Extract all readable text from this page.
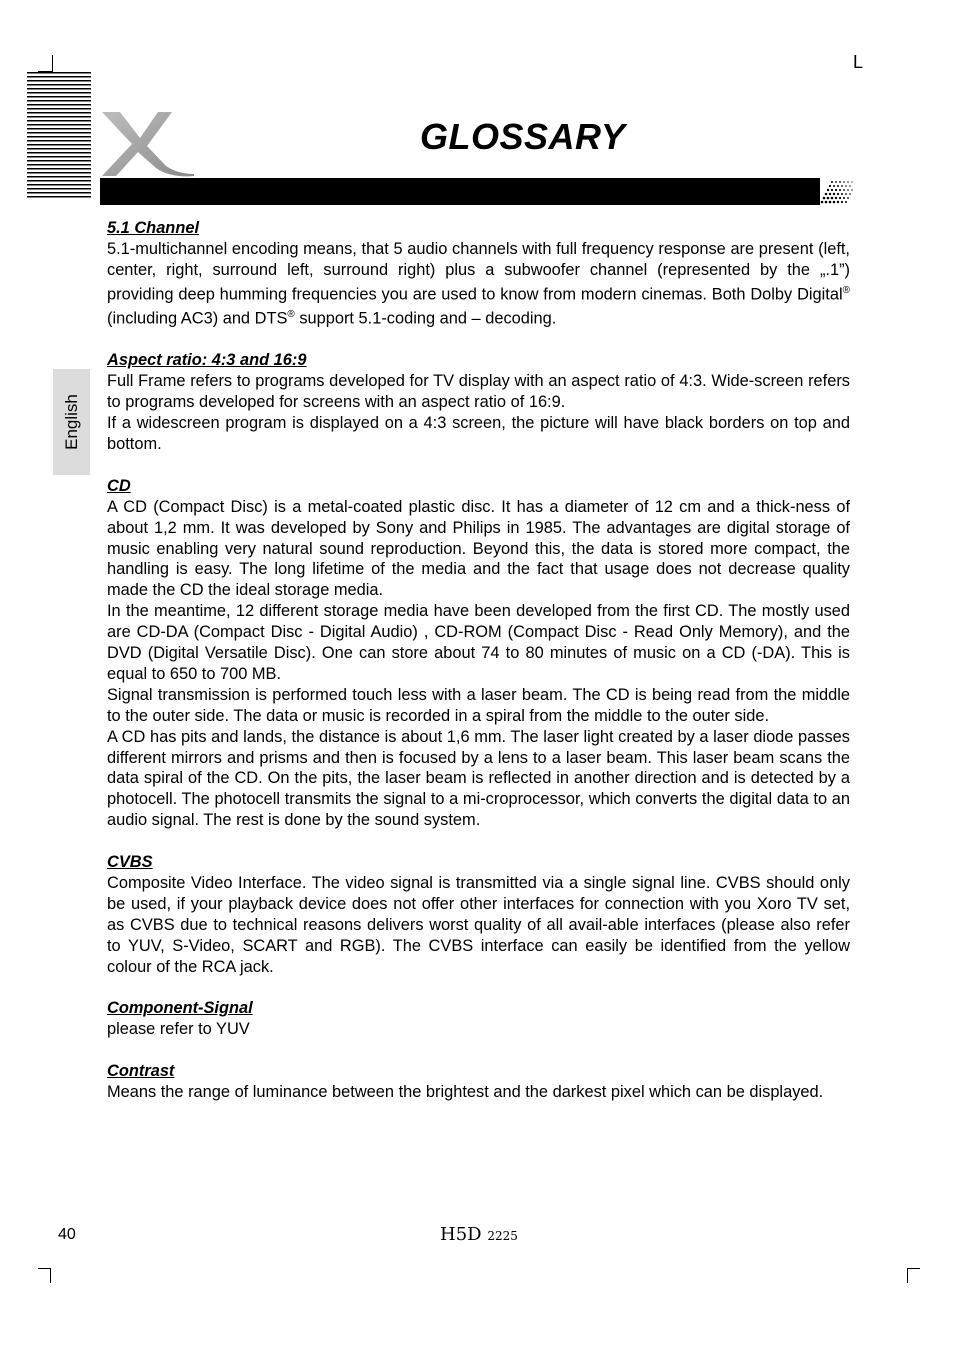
L
GLOSSARY
English
5.1 Channel

5.1-multichannel encoding means, that 5 audio channels with full frequency response are present (left, center, right, surround left, surround right) plus a subwoofer channel (represented by the „.1”) providing deep humming frequencies you are used to know from modern cinemas. Both Dolby Digital® (including AC3) and DTS® support 5.1-coding and – decoding.

Aspect ratio: 4:3 and 16:9

Full Frame refers to programs developed for TV display with an aspect ratio of 4:3. Wide-screen refers to programs developed for screens with an aspect ratio of 16:9.

If a widescreen program is displayed on a 4:3 screen, the picture will have black borders on top and bottom.

CD

A CD (Compact Disc) is a metal-coated plastic disc. It has a diameter of 12 cm and a thick-ness of about 1,2 mm. It was developed by Sony and Philips in 1985. The advantages are digital storage of music enabling very natural sound reproduction. Beyond this, the data is stored more compact, the handling is easy. The long lifetime of the media and the fact that usage does not decrease quality made the CD the ideal storage media.

In the meantime, 12 different storage media have been developed from the first CD. The mostly used are CD-DA (Compact Disc - Digital Audio) , CD-ROM (Compact Disc - Read Only Memory), and the DVD (Digital Versatile Disc). One can store about 74 to 80 minutes of music on a CD (-DA). This is equal to 650 to 700 MB.

Signal transmission is performed touch less with a laser beam. The CD is being read from the middle to the outer side. The data or music is recorded in a spiral from the middle to the outer side.

A CD has pits and lands, the distance is about 1,6 mm. The laser light created by a laser diode passes different mirrors and prisms and then is focused by a lens to a laser beam. This laser beam scans the data spiral of the CD. On the pits, the laser beam is reflected in another direction and is detected by a photocell. The photocell transmits the signal to a mi-croprocessor, which converts the digital data to an audio signal. The rest is done by the sound system.

CVBS

Composite Video Interface. The video signal is transmitted via a single signal line. CVBS should only be used, if your playback device does not offer other interfaces for connection with you Xoro TV set, as CVBS due to technical reasons delivers worst quality of all avail-able interfaces (please also refer to YUV, S-Video, SCART and RGB). The CVBS interface can easily be identified from the yellow colour of the RCA jack.

Component-Signal

please refer to YUV

Contrast

Means the range of luminance between the brightest and the darkest pixel which can be displayed.

40	H5D 2225
